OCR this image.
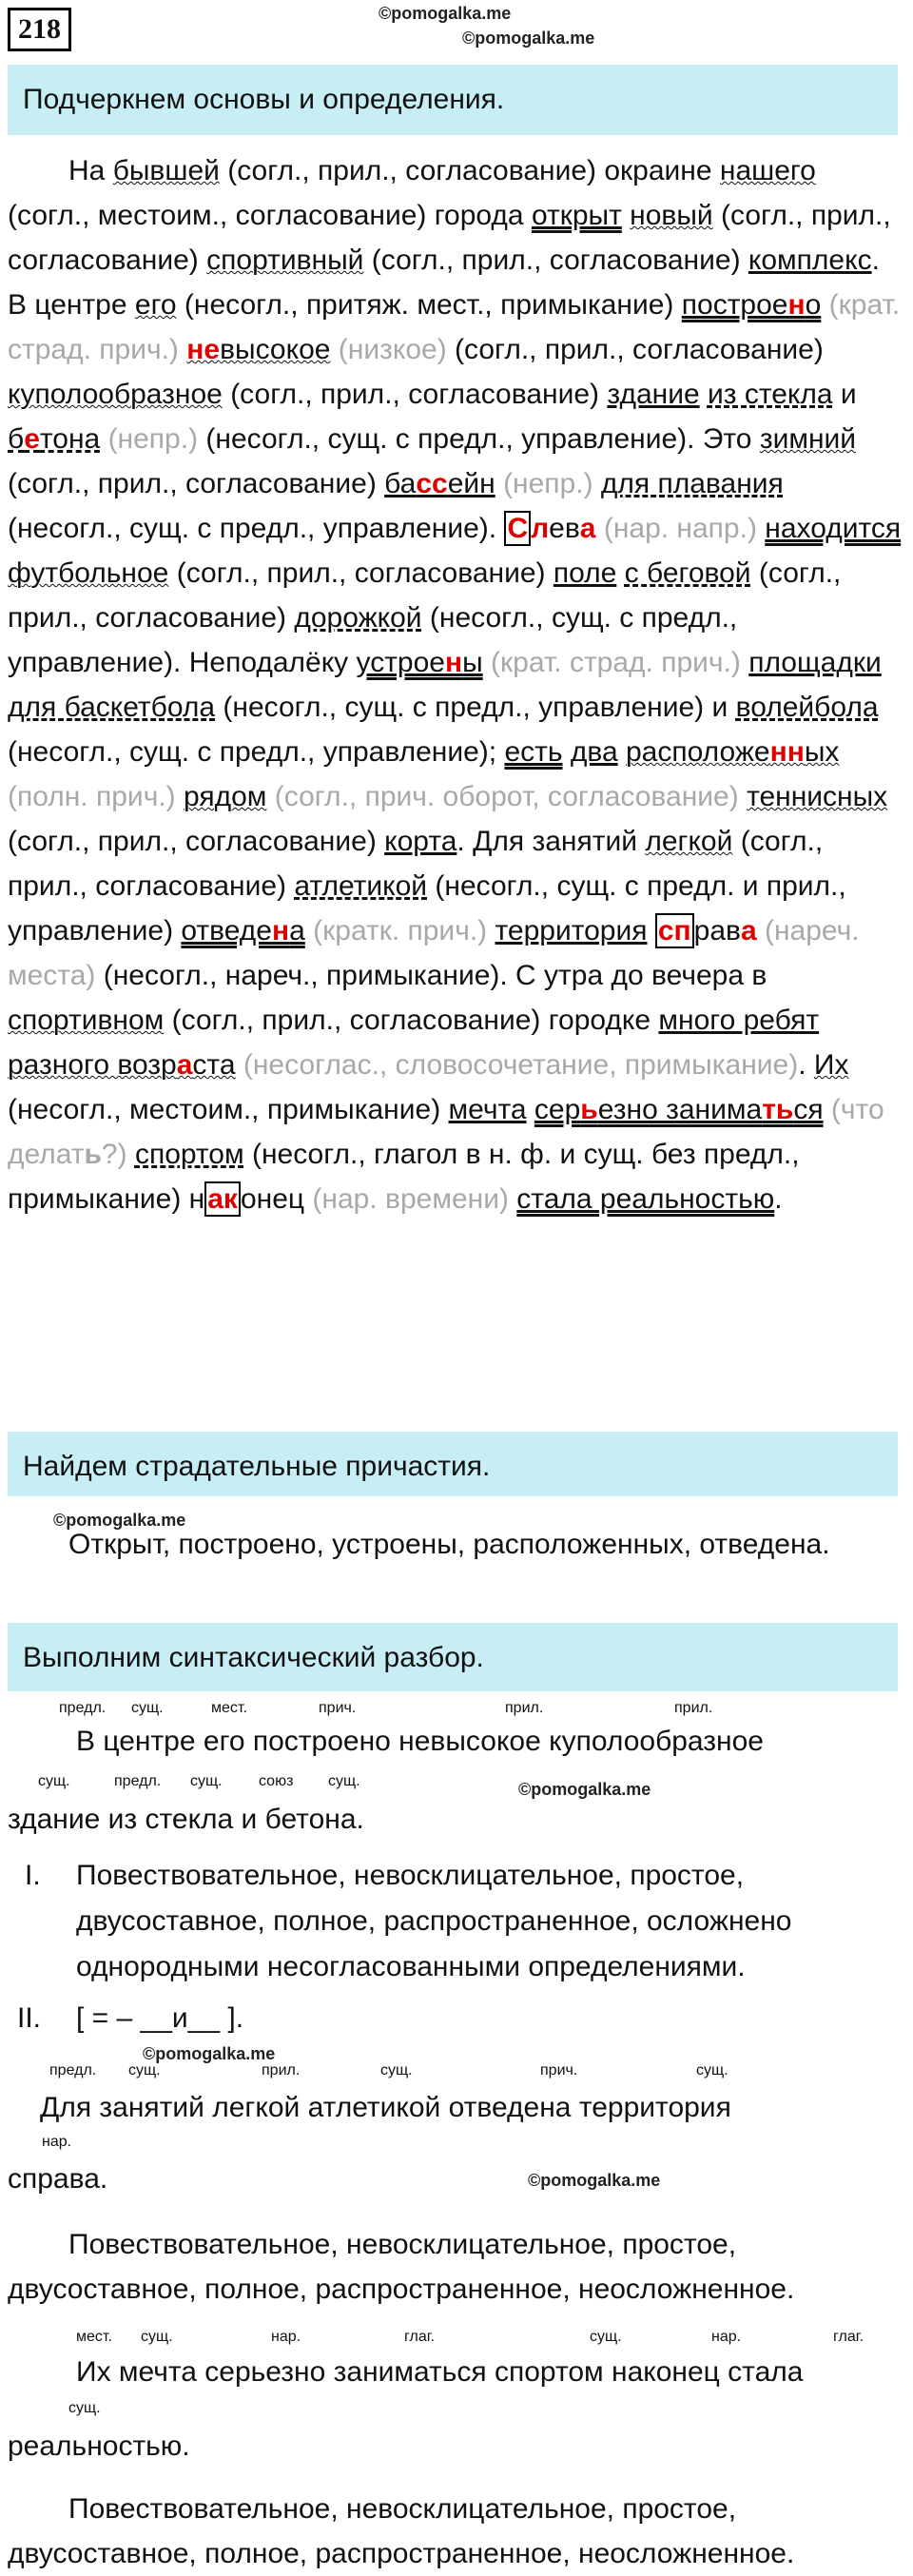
218	©pomogalka.me
©pomogalka.me
Подчеркнем основы и определения.
На бывшей (согл., прил., согласование) окраине нашего (согл., местоим., согласование) города открыт новый (согл., прил., согласование) спортивный (согл., прил., согласование) комплекс. В центре его (несогл., притяж. мест., примыкание) построено (крат. страд. прич.) невысокое (низкое) (согл., прил., согласование) куполообразное (согл., прил., согласование) здание из стекла и бетона (непр.) (несогл., сущ. с предл., управление). Это зимний (согл., прил., согласование) бассейн (непр.) для плавания (несогл., сущ. с предл., управление). С лева (нар. напр.) находится футбольное (согл., прил., согласование) поле с беговой (согл., прил., согласование) дорожкой (несогл., сущ. с предл., управление). Неподалёку устроены (крат. страд. прич.) площадки для баскетбола (несогл., сущ. с предл., управление) и волейбола (несогл., сущ. с предл., управление); есть два расположенных (полн. прич.) рядом (согл., прич. оборот, согласование) теннисных (согл., прил., согласование) корта. Для занятий легкой (согл., прил., согласование) атлетикой (несогл., сущ. с предл. и прил., управление) отведена (кратк. прич.) территория сп рава (нареч. места) (несогл., нареч., примыкание). С утра до вечера в спортивном (согл., прил., согласование) городке много ребят разного возраста (несоглас., словосочетание, примыкание). Их (несогл., местоим., примыкание) мечта серьезно заниматься (что делать?) спортом (несогл., глагол в н. ф. и сущ. без предл., примыкание) н ак онец (нар. времени) стала реальностью.
Найдем страдательные причастия.
©pomogalka.me
Открыт, построено, устроены, расположенных, отведена.
Выполним синтаксический разбор.
предл. сущ.	мест.	прич.	прил.	прил.
В центре его построено невысокое куполообразное
сущ.	предл. сущ. союз сущ.	©pomogalka.me
здание из стекла и бетона.
I. Повествовательное, невосклицательное, простое, двусоставное, полное, распространенное, осложнено однородными несогласованными определениями.
II. [ = – __и__ ].
предл.
©pomogalka.me
сущ.	прил.	сущ.	прич.	сущ.
Для занятий легкой атлетикой отведена территория
нар.
©pomogalka.me
справа.
Повествовательное, невосклицательное, простое, двусоставное, полное, распространенное, неосложненное.
мест. сущ.	нар.	глаг.	сущ.	нар.	глаг.
Их мечта серьезно заниматься спортом наконец стала
сущ.
реальностью.
Повествовательное, невосклицательное, простое, двусоставное, полное, распространенное, неосложненное.
